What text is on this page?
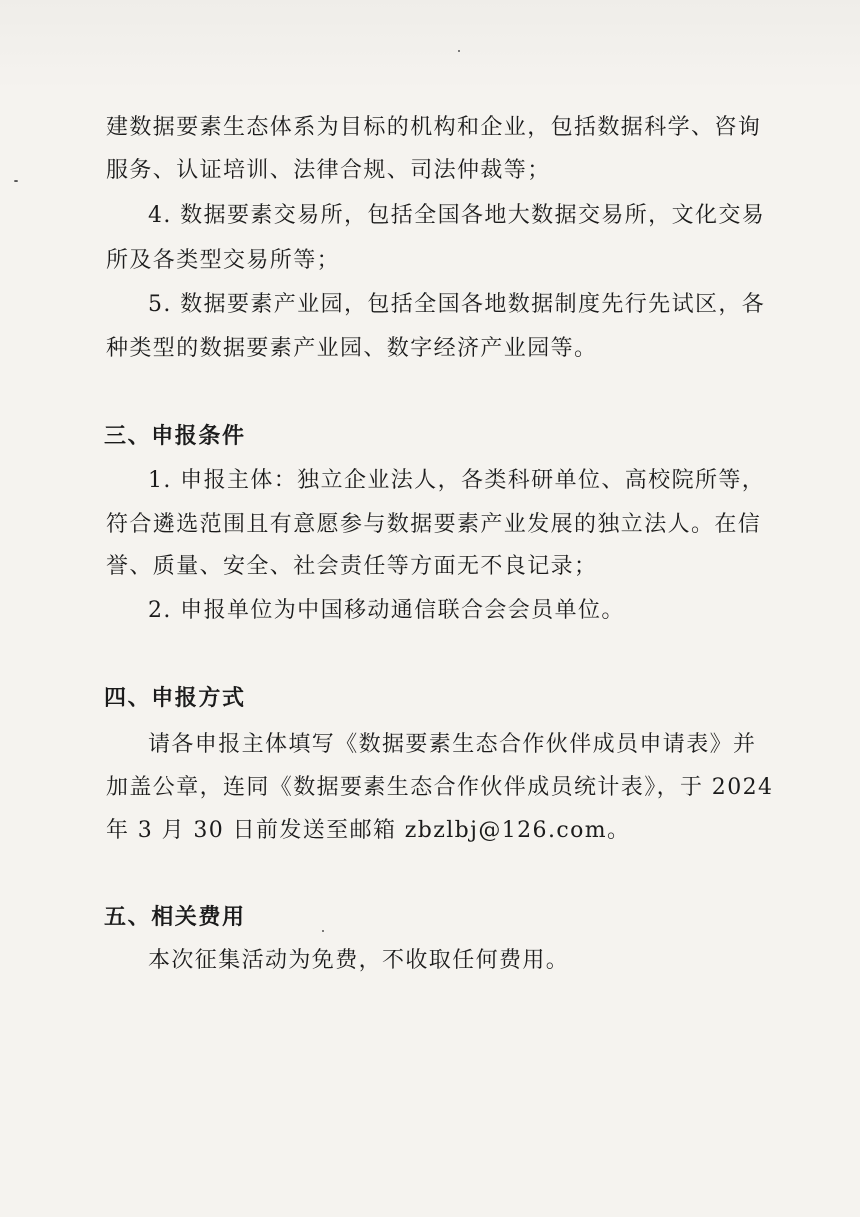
建数据要素生态体系为目标的机构和企业，包括数据科学、咨询
服务、认证培训、法律合规、司法仲裁等；
4. 数据要素交易所，包括全国各地大数据交易所，文化交易
所及各类型交易所等；
5. 数据要素产业园，包括全国各地数据制度先行先试区，各
种类型的数据要素产业园、数字经济产业园等。
三、申报条件
1. 申报主体：独立企业法人，各类科研单位、高校院所等，
符合遴选范围且有意愿参与数据要素产业发展的独立法人。在信
誉、质量、安全、社会责任等方面无不良记录；
2. 申报单位为中国移动通信联合会会员单位。
四、申报方式
请各申报主体填写《数据要素生态合作伙伴成员申请表》并
加盖公章，连同《数据要素生态合作伙伴成员统计表》，于 2024
年 3 月 30 日前发送至邮箱 zbzlbj@126.com。
五、相关费用
本次征集活动为免费，不收取任何费用。
